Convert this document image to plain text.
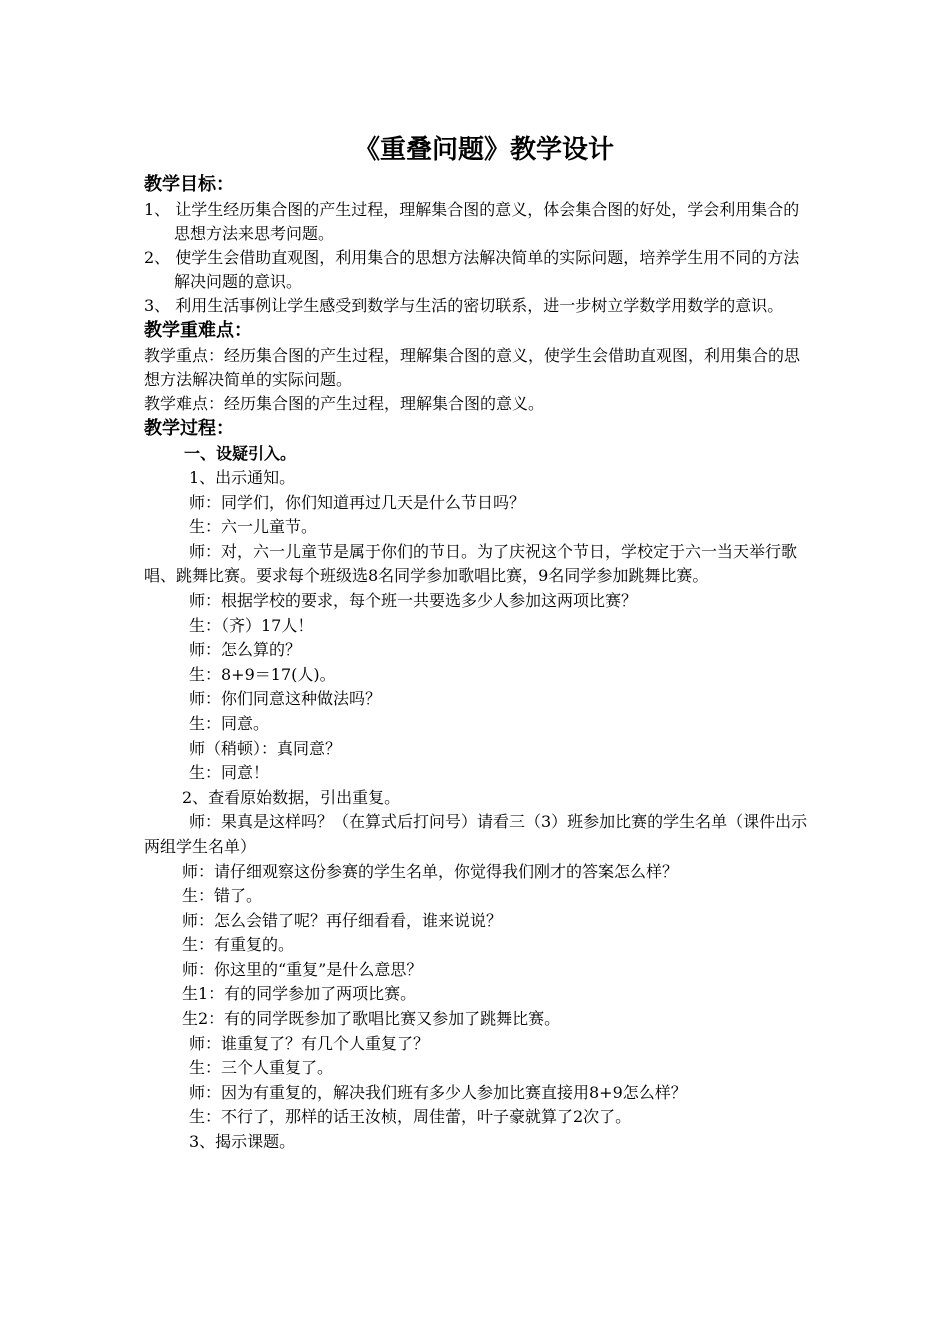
《重叠问题》教学设计
教学目标：

1、 让学生经历集合图的产生过程，理解集合图的意义，体会集合图的好处，学会利用集合的思想方法来思考问题。

2、 使学生会借助直观图，利用集合的思想方法解决简单的实际问题，培养学生用不同的方法解决问题的意识。

3、 利用生活事例让学生感受到数学与生活的密切联系，进一步树立学数学用数学的意识。

教学重难点：

教学重点：经历集合图的产生过程，理解集合图的意义，使学生会借助直观图，利用集合的思想方法解决简单的实际问题。

教学难点：经历集合图的产生过程，理解集合图的意义。

教学过程：
一、设疑引入。

1、出示通知。

师：同学们，你们知道再过几天是什么节日吗？

生：六一儿童节。

师：对，六一儿童节是属于你们的节日。为了庆祝这个节日，学校定于六一当天举行歌唱、跳舞比赛。要求每个班级选8名同学参加歌唱比赛，9名同学参加跳舞比赛。

师：根据学校的要求，每个班一共要选多少人参加这两项比赛？

生：（齐）17人！

师：怎么算的？

生：8+9＝17(人)。

师：你们同意这种做法吗？

生：同意。

师（稍顿）：真同意？

生：同意！

2、查看原始数据，引出重复。

师：果真是这样吗？（在算式后打问号）请看三（3）班参加比赛的学生名单（课件出示两组学生名单）

师：请仔细观察这份参赛的学生名单，你觉得我们刚才的答案怎么样？

生：错了。

师：怎么会错了呢？再仔细看看，谁来说说？

生：有重复的。

师：你这里的“重复”是什么意思？

生1：有的同学参加了两项比赛。

生2：有的同学既参加了歌唱比赛又参加了跳舞比赛。

师：谁重复了？有几个人重复了？

生：三个人重复了。

师：因为有重复的，解决我们班有多少人参加比赛直接用8+9怎么样？

生：不行了，那样的话王汝桢，周佳蕾，叶子豪就算了2次了。

3、揭示课题。
